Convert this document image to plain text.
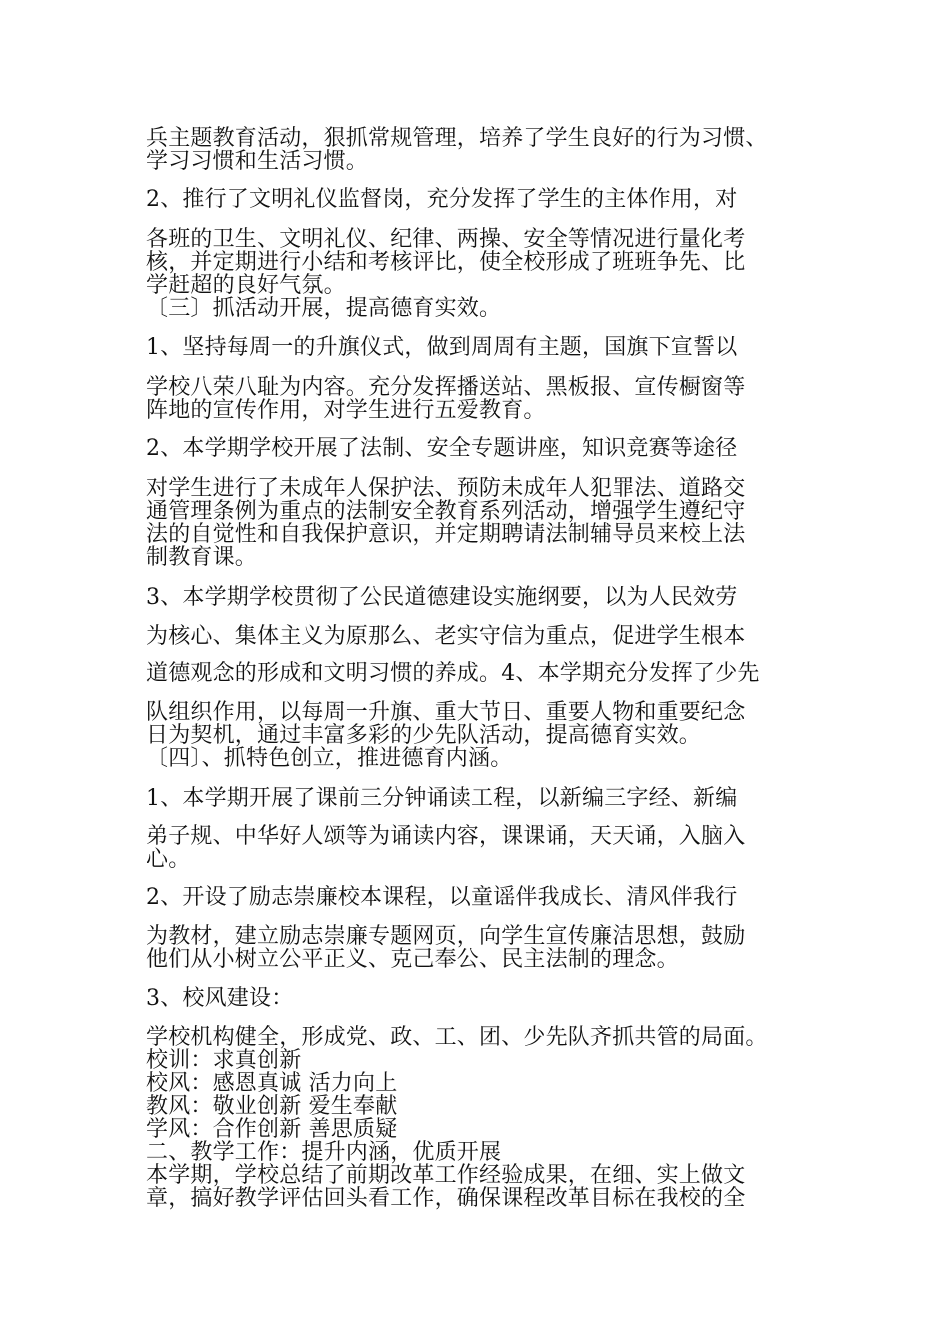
兵主题教育活动，狠抓常规管理，培养了学生良好的行为习惯、
学习习惯和生活习惯。
2、推行了文明礼仪监督岗，充分发挥了学生的主体作用，对
各班的卫生、文明礼仪、纪律、两操、安全等情况进行量化考
核，并定期进行小结和考核评比，使全校形成了班班争先、比
学赶超的良好气氛。
〔三〕抓活动开展，提高德育实效。
1、坚持每周一的升旗仪式，做到周周有主题，国旗下宣誓以
学校八荣八耻为内容。充分发挥播送站、黑板报、宣传橱窗等
阵地的宣传作用，对学生进行五爱教育。
2、本学期学校开展了法制、安全专题讲座，知识竞赛等途径
对学生进行了未成年人保护法、预防未成年人犯罪法、道路交
通管理条例为重点的法制安全教育系列活动，增强学生遵纪守
法的自觉性和自我保护意识，并定期聘请法制辅导员来校上法
制教育课。
3、本学期学校贯彻了公民道德建设实施纲要，以为人民效劳
为核心、集体主义为原那么、老实守信为重点，促进学生根本
道德观念的形成和文明习惯的养成。4、本学期充分发挥了少先
队组织作用，以每周一升旗、重大节日、重要人物和重要纪念
日为契机，通过丰富多彩的少先队活动，提高德育实效。
〔四〕、抓特色创立，推进德育内涵。
1、本学期开展了课前三分钟诵读工程，以新编三字经、新编
弟子规、中华好人颂等为诵读内容，课课诵，天天诵，入脑入
心。
2、开设了励志崇廉校本课程，以童谣伴我成长、清风伴我行
为教材，建立励志崇廉专题网页，向学生宣传廉洁思想，鼓励
他们从小树立公平正义、克己奉公、民主法制的理念。
3、校风建设：
学校机构健全，形成党、政、工、团、少先队齐抓共管的局面。
校训：求真创新
校风：感恩真诚 活力向上
教风：敬业创新 爱生奉献
学风：合作创新 善思质疑
二、教学工作：提升内涵，优质开展
本学期，学校总结了前期改革工作经验成果，在细、实上做文
章，搞好教学评估回头看工作，确保课程改革目标在我校的全
